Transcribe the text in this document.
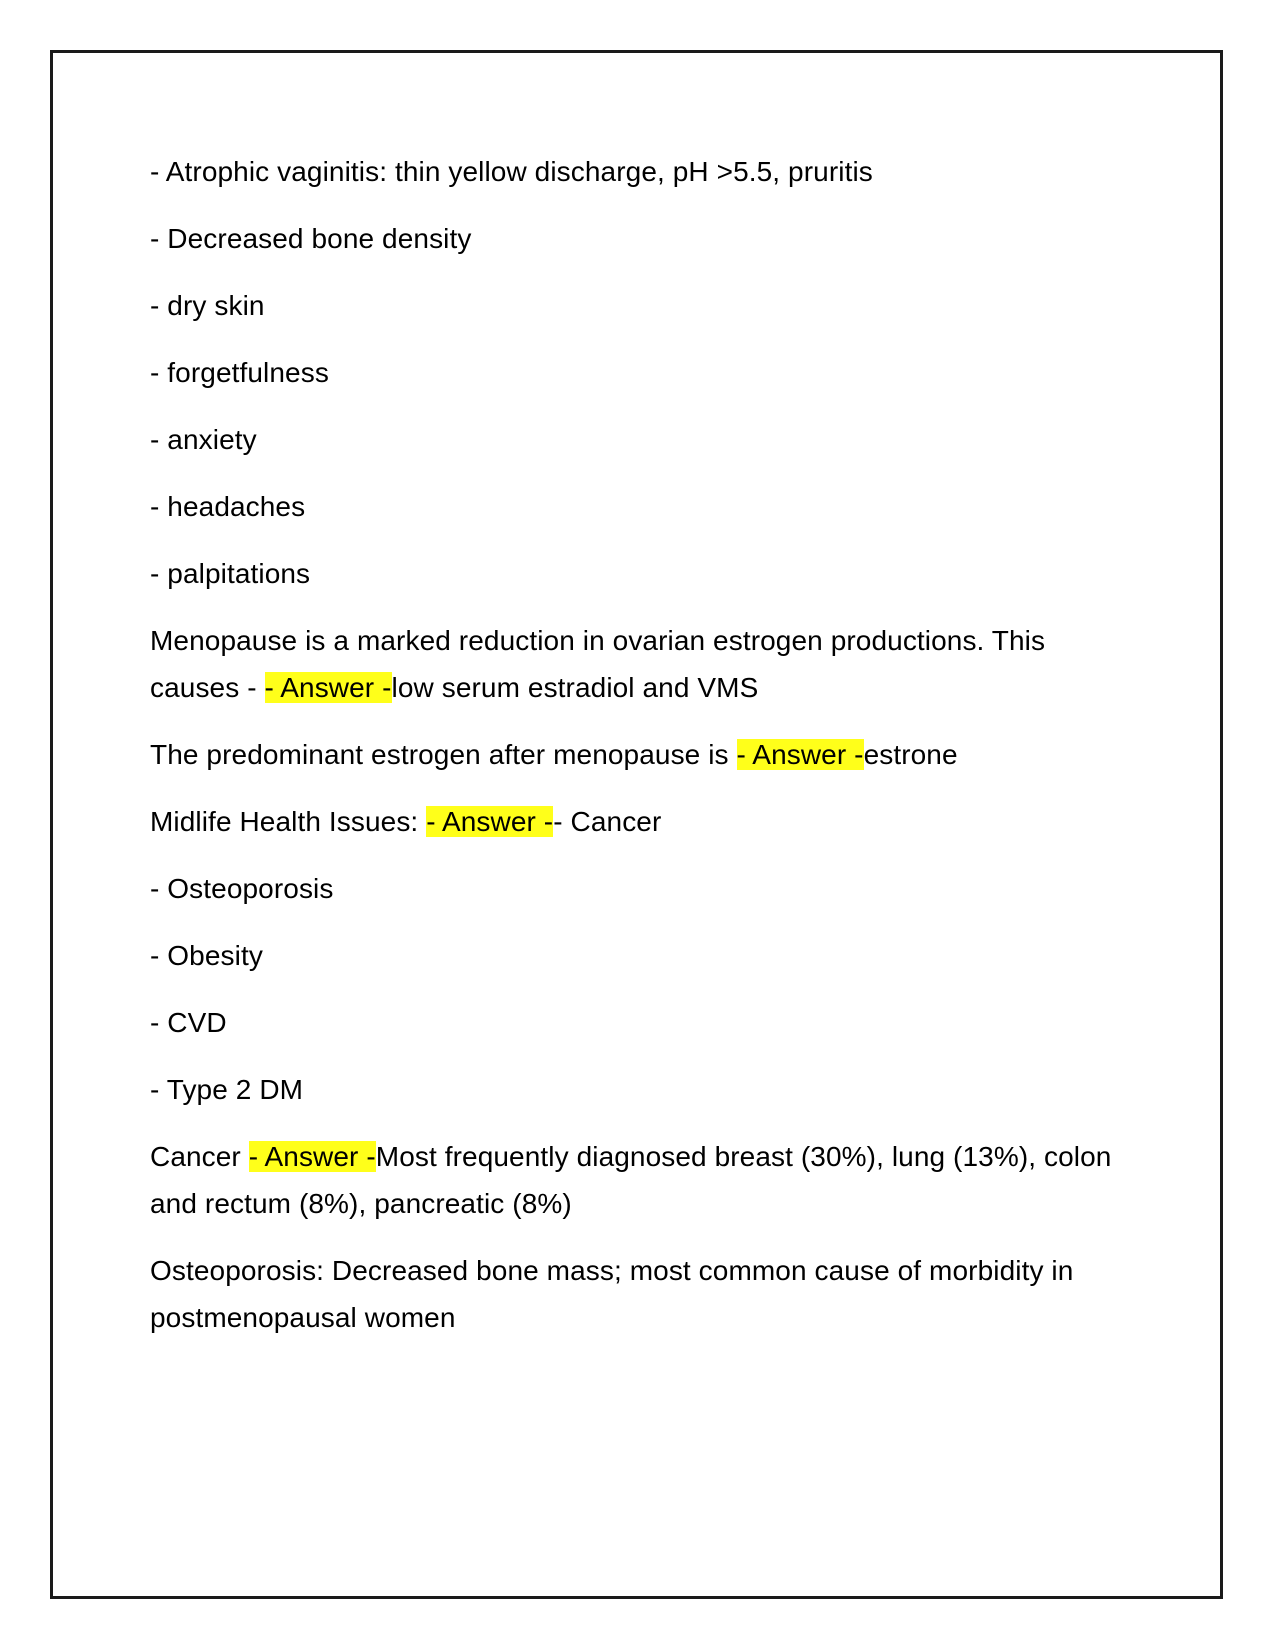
- Atrophic vaginitis: thin yellow discharge, pH >5.5, pruritis

- Decreased bone density

- dry skin

- forgetfulness

- anxiety

- headaches

- palpitations

Menopause is a marked reduction in ovarian estrogen productions. This causes - - Answer -low serum estradiol and VMS

The predominant estrogen after menopause is - Answer -estrone

Midlife Health Issues: - Answer -- Cancer

- Osteoporosis

- Obesity

- CVD

- Type 2 DM

Cancer - Answer -Most frequently diagnosed breast (30%), lung (13%), colon and rectum (8%), pancreatic (8%)

Osteoporosis: Decreased bone mass; most common cause of morbidity in postmenopausal women
